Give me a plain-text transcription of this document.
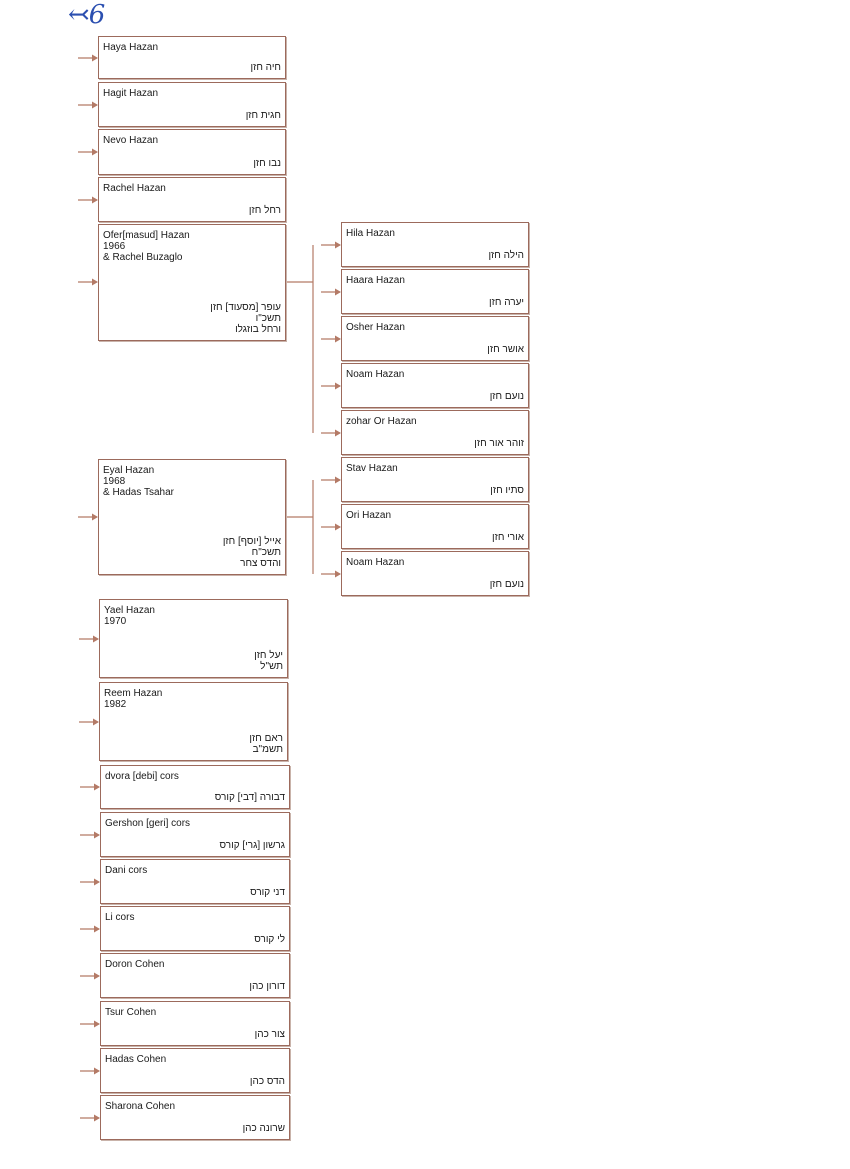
↢6
Haya Hazan
חיה חזן
Hagit Hazan
חגית חזן
Nevo Hazan
נבו חזן
Rachel Hazan
רחל חזן
Ofer[masud] Hazan
1966
& Rachel Buzaglo
עופר [מסעוד] חזן
תשכ"ו
ורחל בוזגלו
Hila Hazan
הילה חזן
Haara Hazan
יערה חזן
Osher Hazan
אושר חזן
Noam Hazan
נועם חזן
zohar Or Hazan
זוהר אור חזן
Eyal Hazan
1968
& Hadas Tsahar
אייל [יוסף] חזן
תשכ"ח
והדס צחר
Stav Hazan
סתיו חזן
Ori Hazan
אורי חזן
Noam Hazan
נועם חזן
Yael Hazan
1970
יעל חזן
תש"ל
Reem Hazan
1982
ראם חזן
תשמ"ב
dvora [debi] cors
דבורה [דבי] קורס
Gershon [geri] cors
גרשון [גרי] קורס
Dani cors
דני קורס
Li cors
לי קורס
Doron Cohen
דורון כהן
Tsur Cohen
צור כהן
Hadas Cohen
הדס כהן
Sharona Cohen
שרונה כהן
